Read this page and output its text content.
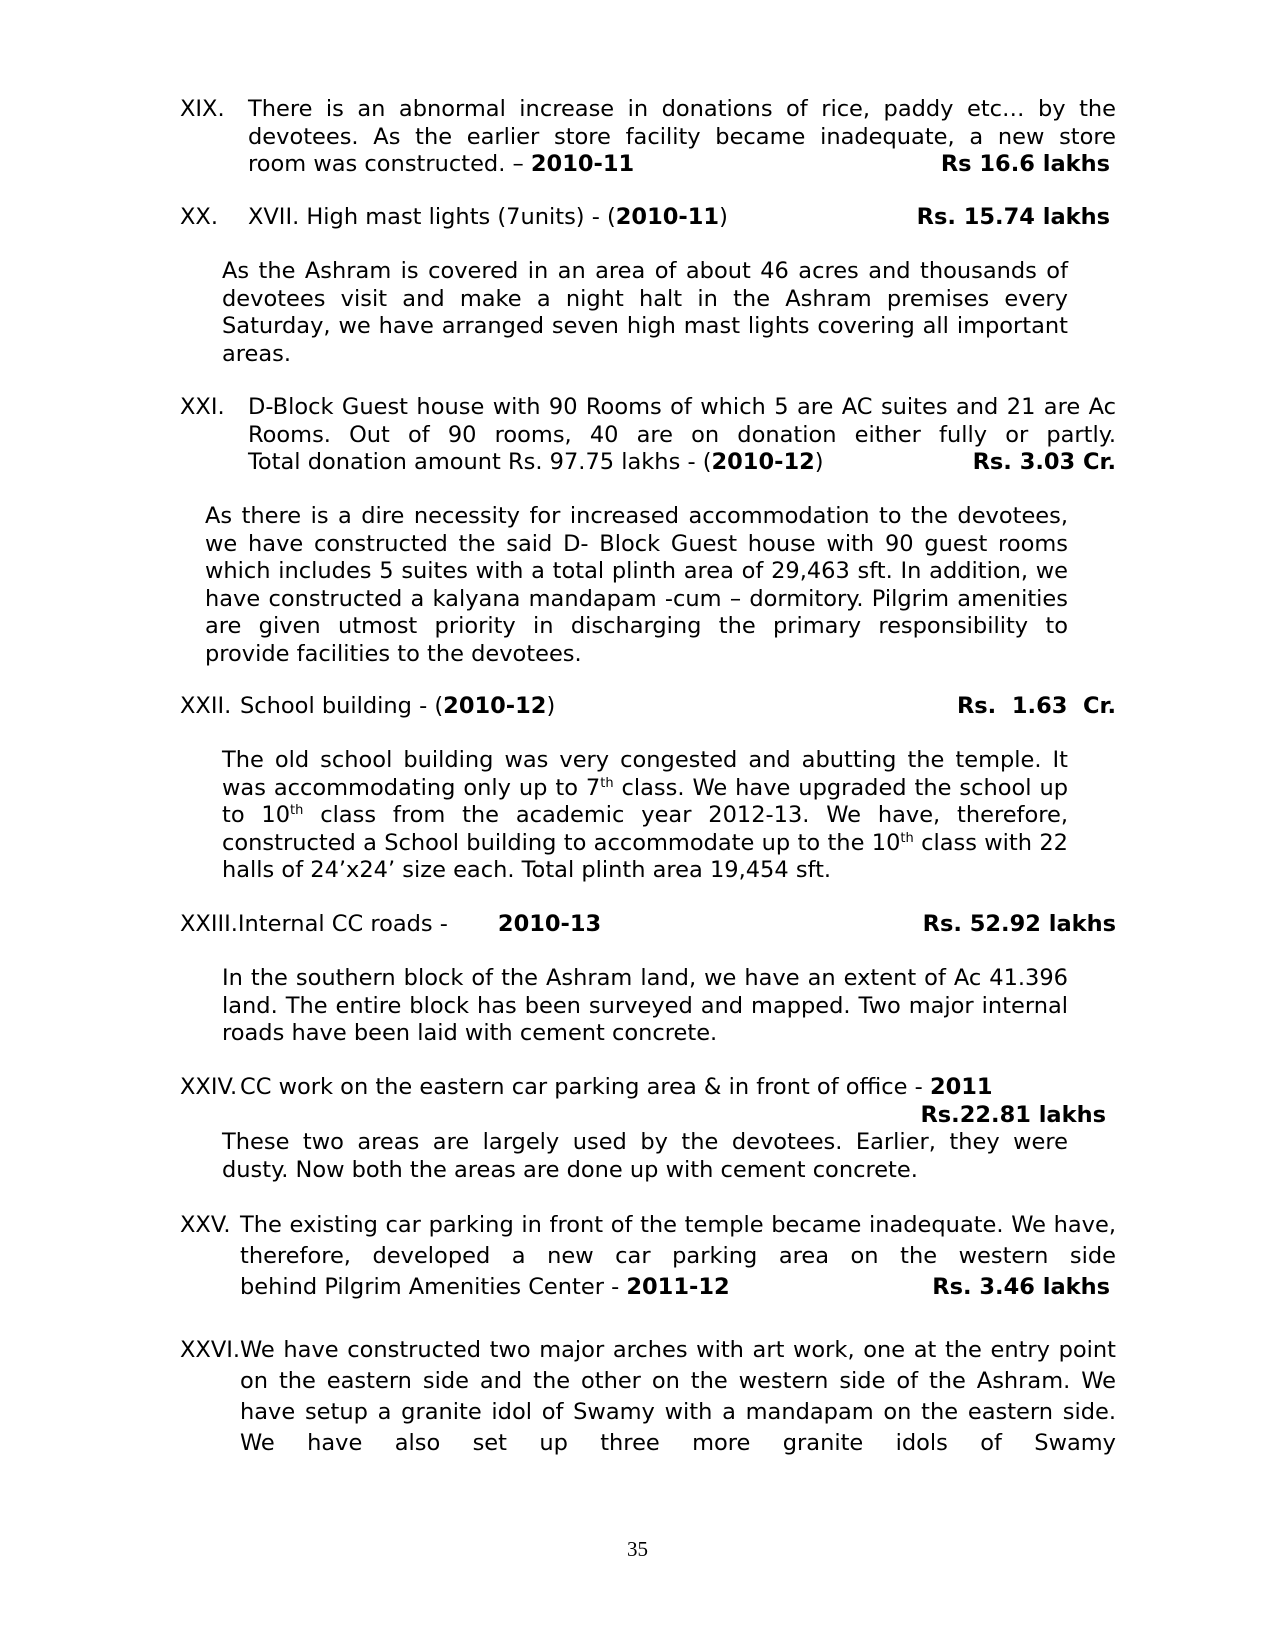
XIX. There is an abnormal increase in donations of rice, paddy etc… by the devotees. As the earlier store facility became inadequate, a new store

room was constructed. – 2010-11	Rs 16.6 lakhs
XX. XVII. High mast lights (7units) - (2010-11)	Rs. 15.74 lakhs
As the Ashram is covered in an area of about 46 acres and thousands of devotees visit and make a night halt in the Ashram premises every Saturday, we have arranged seven high mast lights covering all important areas.
XXI. D-Block Guest house with 90 Rooms of which 5 are AC suites and 21 are Ac Rooms. Out of 90 rooms, 40 are on donation either fully or partly.

Total donation amount Rs. 97.75 lakhs - (2010-12)	Rs. 3.03 Cr.
As there is a dire necessity for increased accommodation to the devotees, we have constructed the said D- Block Guest house with 90 guest rooms which includes 5 suites with a total plinth area of 29,463 sft. In addition, we have constructed a kalyana mandapam -cum – dormitory. Pilgrim amenities are given utmost priority in discharging the primary responsibility to provide facilities to the devotees.
XXII. School building - (2010-12)	Rs.  1.63  Cr.
The old school building was very congested and abutting the temple. It was accommodating only up to 7th class. We have upgraded the school up to 10th class from the academic year 2012-13. We have, therefore, constructed a School building to accommodate up to the 10th class with 22 halls of 24’x24’ size each. Total plinth area 19,454 sft.
XXIII.Internal CC roads - 2010-13	Rs. 52.92 lakhs
In the southern block of the Ashram land, we have an extent of Ac 41.396 land. The entire block has been surveyed and mapped. Two major internal roads have been laid with cement concrete.
XXIV. CC work on the eastern car parking area & in front of office - 2011
Rs.22.81 lakhs
These two areas are largely used by the devotees. Earlier, they were dusty. Now both the areas are done up with cement concrete.
XXV. The existing car parking in front of the temple became inadequate. We have, therefore, developed a new car parking area on the western side

behind Pilgrim Amenities Center - 2011-12	Rs. 3.46 lakhs
XXVI. We have constructed two major arches with art work, one at the entry point on the eastern side and the other on the western side of the Ashram. We have setup a granite idol of Swamy with a mandapam on the eastern side. We have also set up three more granite idols of Swamy
35
